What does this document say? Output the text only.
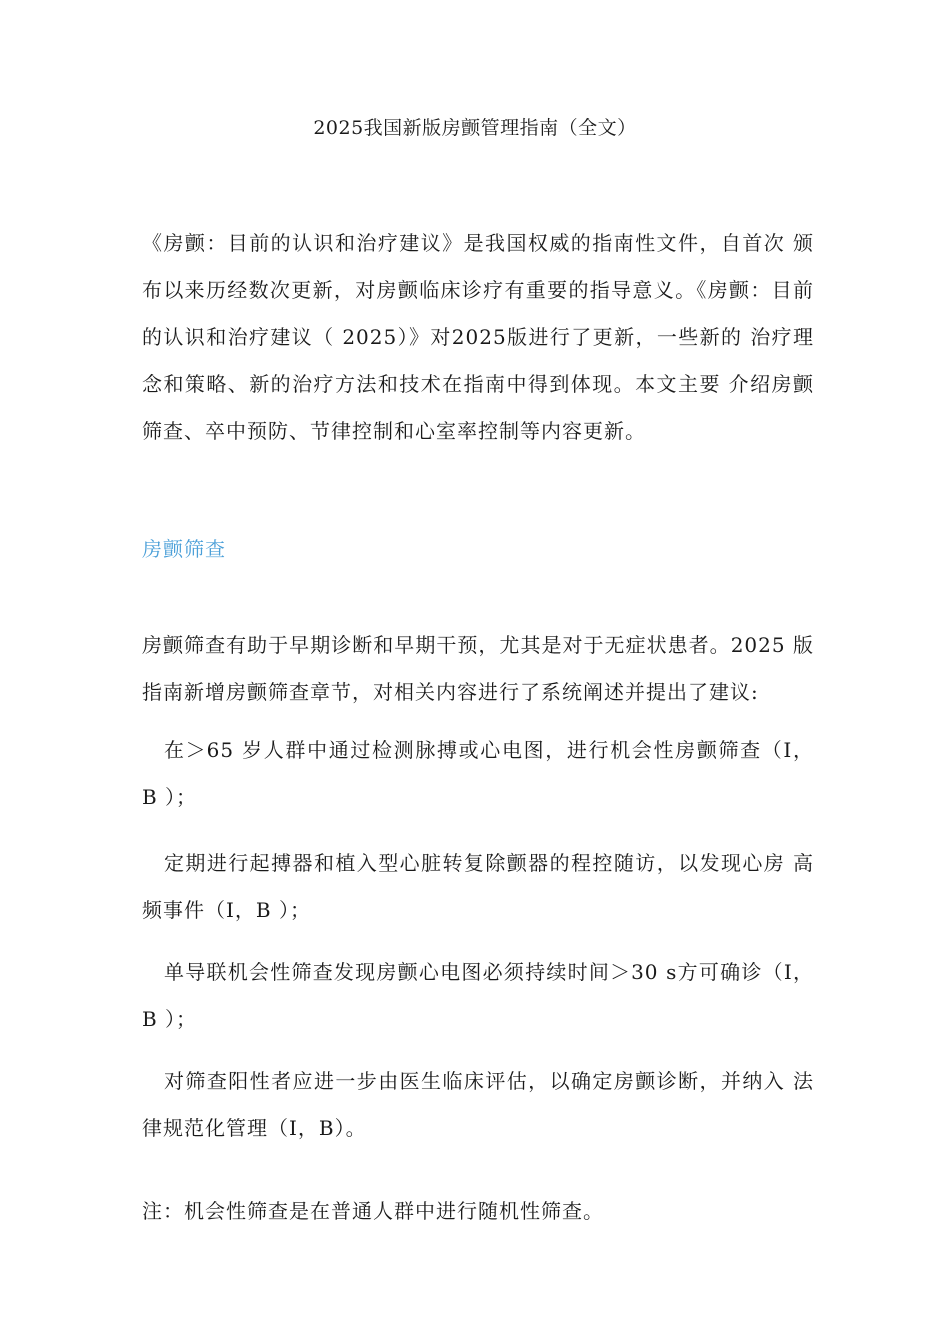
2025我国新版房颤管理指南（全文）

《房颤：目前的认识和治疗建议》是我国权威的指南性文件，自首次 颁布以来历经数次更新，对房颤临床诊疗有重要的指导意义。《房颤：目前的认识和治疗建议（ 2025）》对2025版进行了更新，一些新的 治疗理念和策略、新的治疗方法和技术在指南中得到体现。本文主要 介绍房颤筛查、卒中预防、节律控制和心室率控制等内容更新。

房颤筛查

房颤筛查有助于早期诊断和早期干预，尤其是对于无症状患者。2025 版指南新增房颤筛查章节，对相关内容进行了系统阐述并提出了建议:

在＞65 岁人群中通过检测脉搏或心电图，进行机会性房颤筛查（I， B ）；

定期进行起搏器和植入型心脏转复除颤器的程控随访，以发现心房 高频事件（I，B ）；

单导联机会性筛查发现房颤心电图必须持续时间＞30 s方可确诊（I，B ）；

对筛查阳性者应进一步由医生临床评估，以确定房颤诊断，并纳入 法律规范化管理（I，B）。

注：机会性筛查是在普通人群中进行随机性筛查。
